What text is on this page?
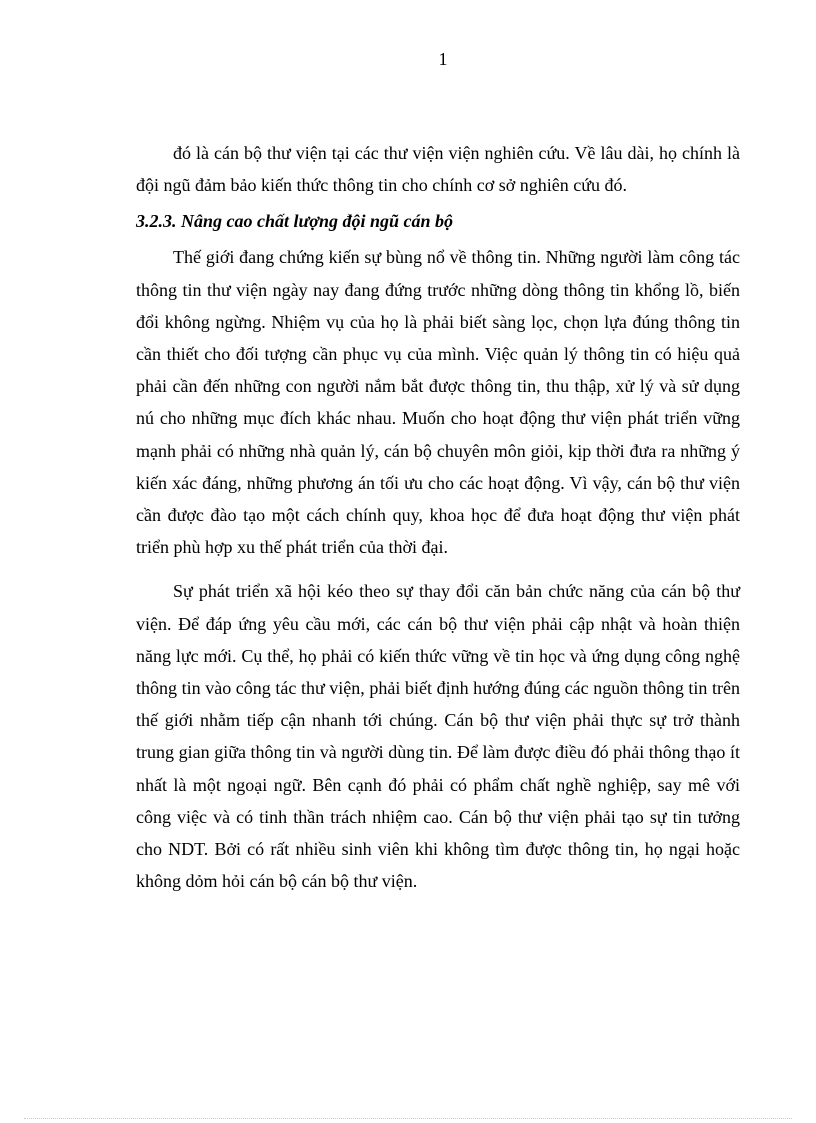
1

đó là cán bộ thư viện tại các thư viện viện nghiên cứu. Về lâu dài, họ chính là đội ngũ đảm bảo kiến thức thông tin cho chính cơ sở nghiên cứu đó.

3.2.3. Nâng cao chất lượng đội ngũ cán bộ

Thế giới đang chứng kiến sự bùng nổ về thông tin. Những người làm công tác thông tin thư viện ngày nay đang đứng trước những dòng thông tin khổng lồ, biến đổi không ngừng. Nhiệm vụ của họ là phải biết sàng lọc, chọn lựa đúng thông tin cần thiết cho đối tượng cần phục vụ của mình. Việc quản lý thông tin có hiệu quả phải cần đến những con người nắm bắt được thông tin, thu thập, xử lý và sử dụng nú cho những mục đích khác nhau. Muốn cho hoạt động thư viện phát triển vững mạnh phải có những nhà quản lý, cán bộ chuyên môn giỏi, kịp thời đưa ra những ý kiến xác đáng, những phương án tối ưu cho các hoạt động. Vì vậy, cán bộ thư viện cần được đào tạo một cách chính quy, khoa học để đưa hoạt động thư viện phát triển phù hợp xu thế phát triển của thời đại.

Sự phát triển xã hội kéo theo sự thay đổi căn bản chức năng của cán bộ thư viện. Để đáp ứng yêu cầu mới, các cán bộ thư viện phải cập nhật và hoàn thiện năng lực mới. Cụ thể, họ phải có kiến thức vững về tin học và ứng dụng công nghệ thông tin vào công tác thư viện, phải biết định hướng đúng các nguồn thông tin trên thế giới nhằm tiếp cận nhanh tới chúng. Cán bộ thư viện phải thực sự trở thành trung gian giữa thông tin và người dùng tin. Để làm được điều đó phải thông thạo ít nhất là một ngoại ngữ. Bên cạnh đó phải có phẩm chất nghề nghiệp, say mê với công việc và có tinh thần trách nhiệm cao. Cán bộ thư viện phải tạo sự tin tưởng cho NDT. Bởi có rất nhiều sinh viên khi không tìm được thông tin, họ ngại hoặc không dỏm hỏi cán bộ cán bộ thư viện.
